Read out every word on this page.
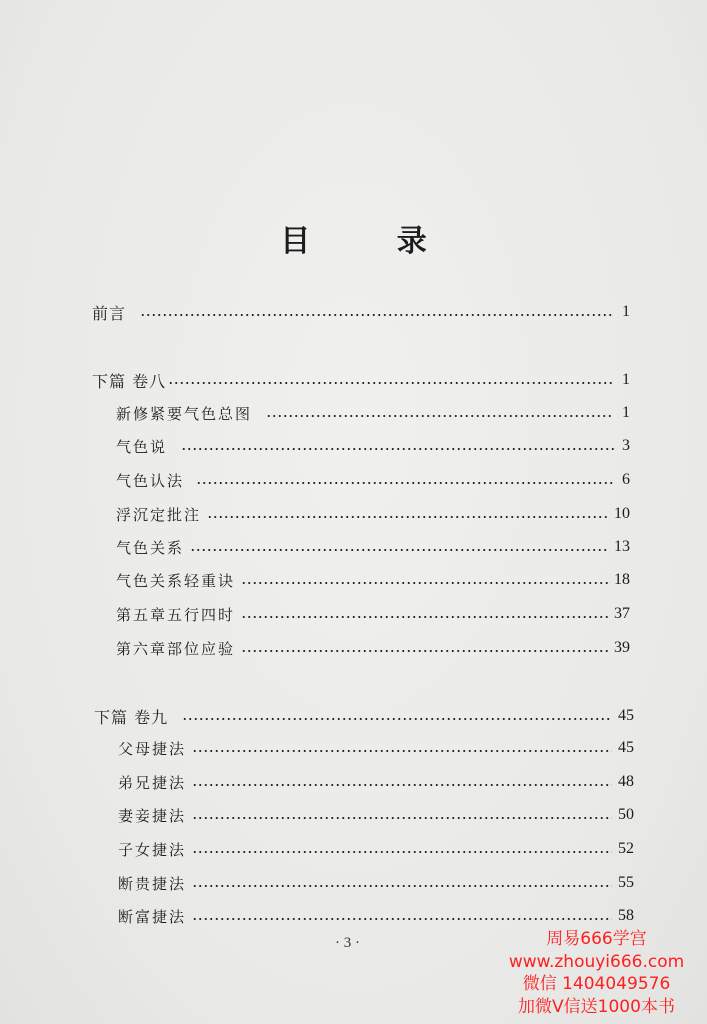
目 录
前言	1
下篇 卷八	1
新修紧要气色总图	1
气色说	3
气色认法	6
浮沉定批注	10
气色关系	13
气色关系轻重诀	18
第五章五行四时	37
第六章部位应验	39
下篇 卷九	45
父母捷法	45
弟兄捷法	48
妻妾捷法	50
子女捷法	52
断贵捷法	55
断富捷法	58
· 3 ·	周易666学宫
www.zhouyi666.com
微信 1404049576
加微V信送1000本书
